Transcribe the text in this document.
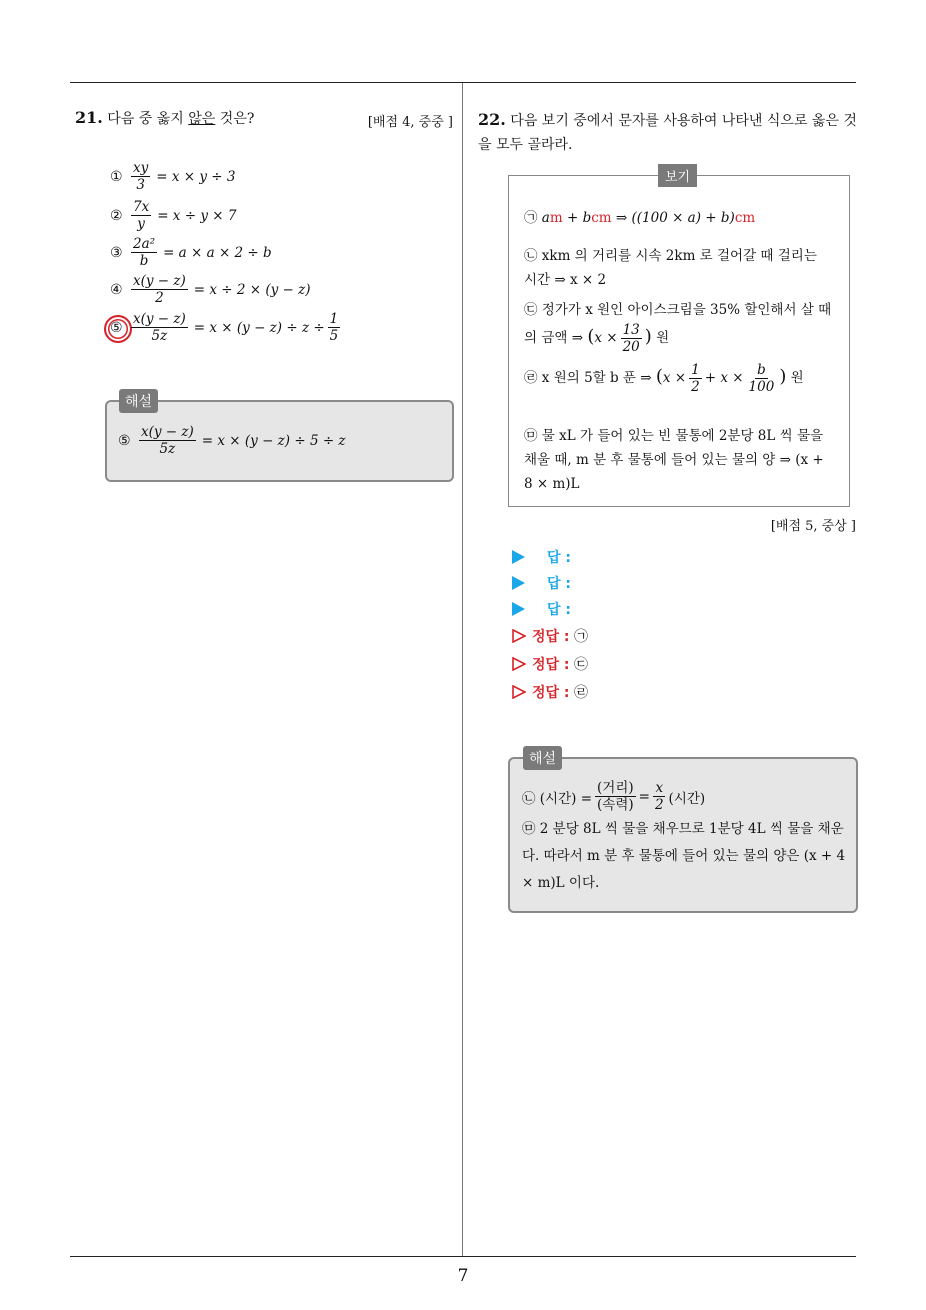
7
21. 다음 중 옳지 않은 것은?	[배점 4, 중중 ]
① $\frac{xy}{3} = x \times y \div 3$
② $\frac{7x}{y} = x \div y \times 7$
③ $\frac{\text{2a²}}{b} = a \times a \times 2 \div b$
④ $\frac{x(y - z)}{2} = x \div 2 \times (y - z)$
⑤ $\frac{x(y - z)}{5z} = x \times (y - z) \div z \div \frac{1}{5}$
해설
⑤ $\frac{x(y - z)}{5z} = x \times (y - z) \div 5 \div z$
22. 다음 보기 중에서 문자를 사용하여 나타낸 식으로 옳은 것을 모두 골라라.
보기
㉠ am + bcm ⇒ ((100 × a) + b)cm
㉡ xkm 의 거리를 시속 2km 로 걸어갈 때 걸리는 시간 ⇒ x × 2
㉢ 정가가 x 원인 아이스크림을 35% 할인해서 살 때의 금액 ⇒ ($x \times \frac{13}{20}$ ) 원
㉣ x 원의 5할 b 푼 ⇒ ($x \times \frac{1}{2} + x \times \frac{b}{100}$ ) 원
㉤ 물 xL 가 들어 있는 빈 물통에 2분당 8L 씩 물을 채울 때, m 분 후 물통에 들어 있는 물의 양 ⇒ (x + 8 × m)L
[배점 5, 중상 ]
답 :
답 :
답 :
정답 :
㉠
정답 :
㉢
정답 :
㉣
해설
㉡ (시간) = $\frac{\text{(거리)}}{\text{(속력)}} = \frac{x}{2}$ (시간)
㉤ 2 분당 8L 씩 물을 채우므로 1분당 4L 씩 물을 채운다. 따라서 m 분 후 물통에 들어 있는 물의 양은 (x + 4 × m)L 이다.
